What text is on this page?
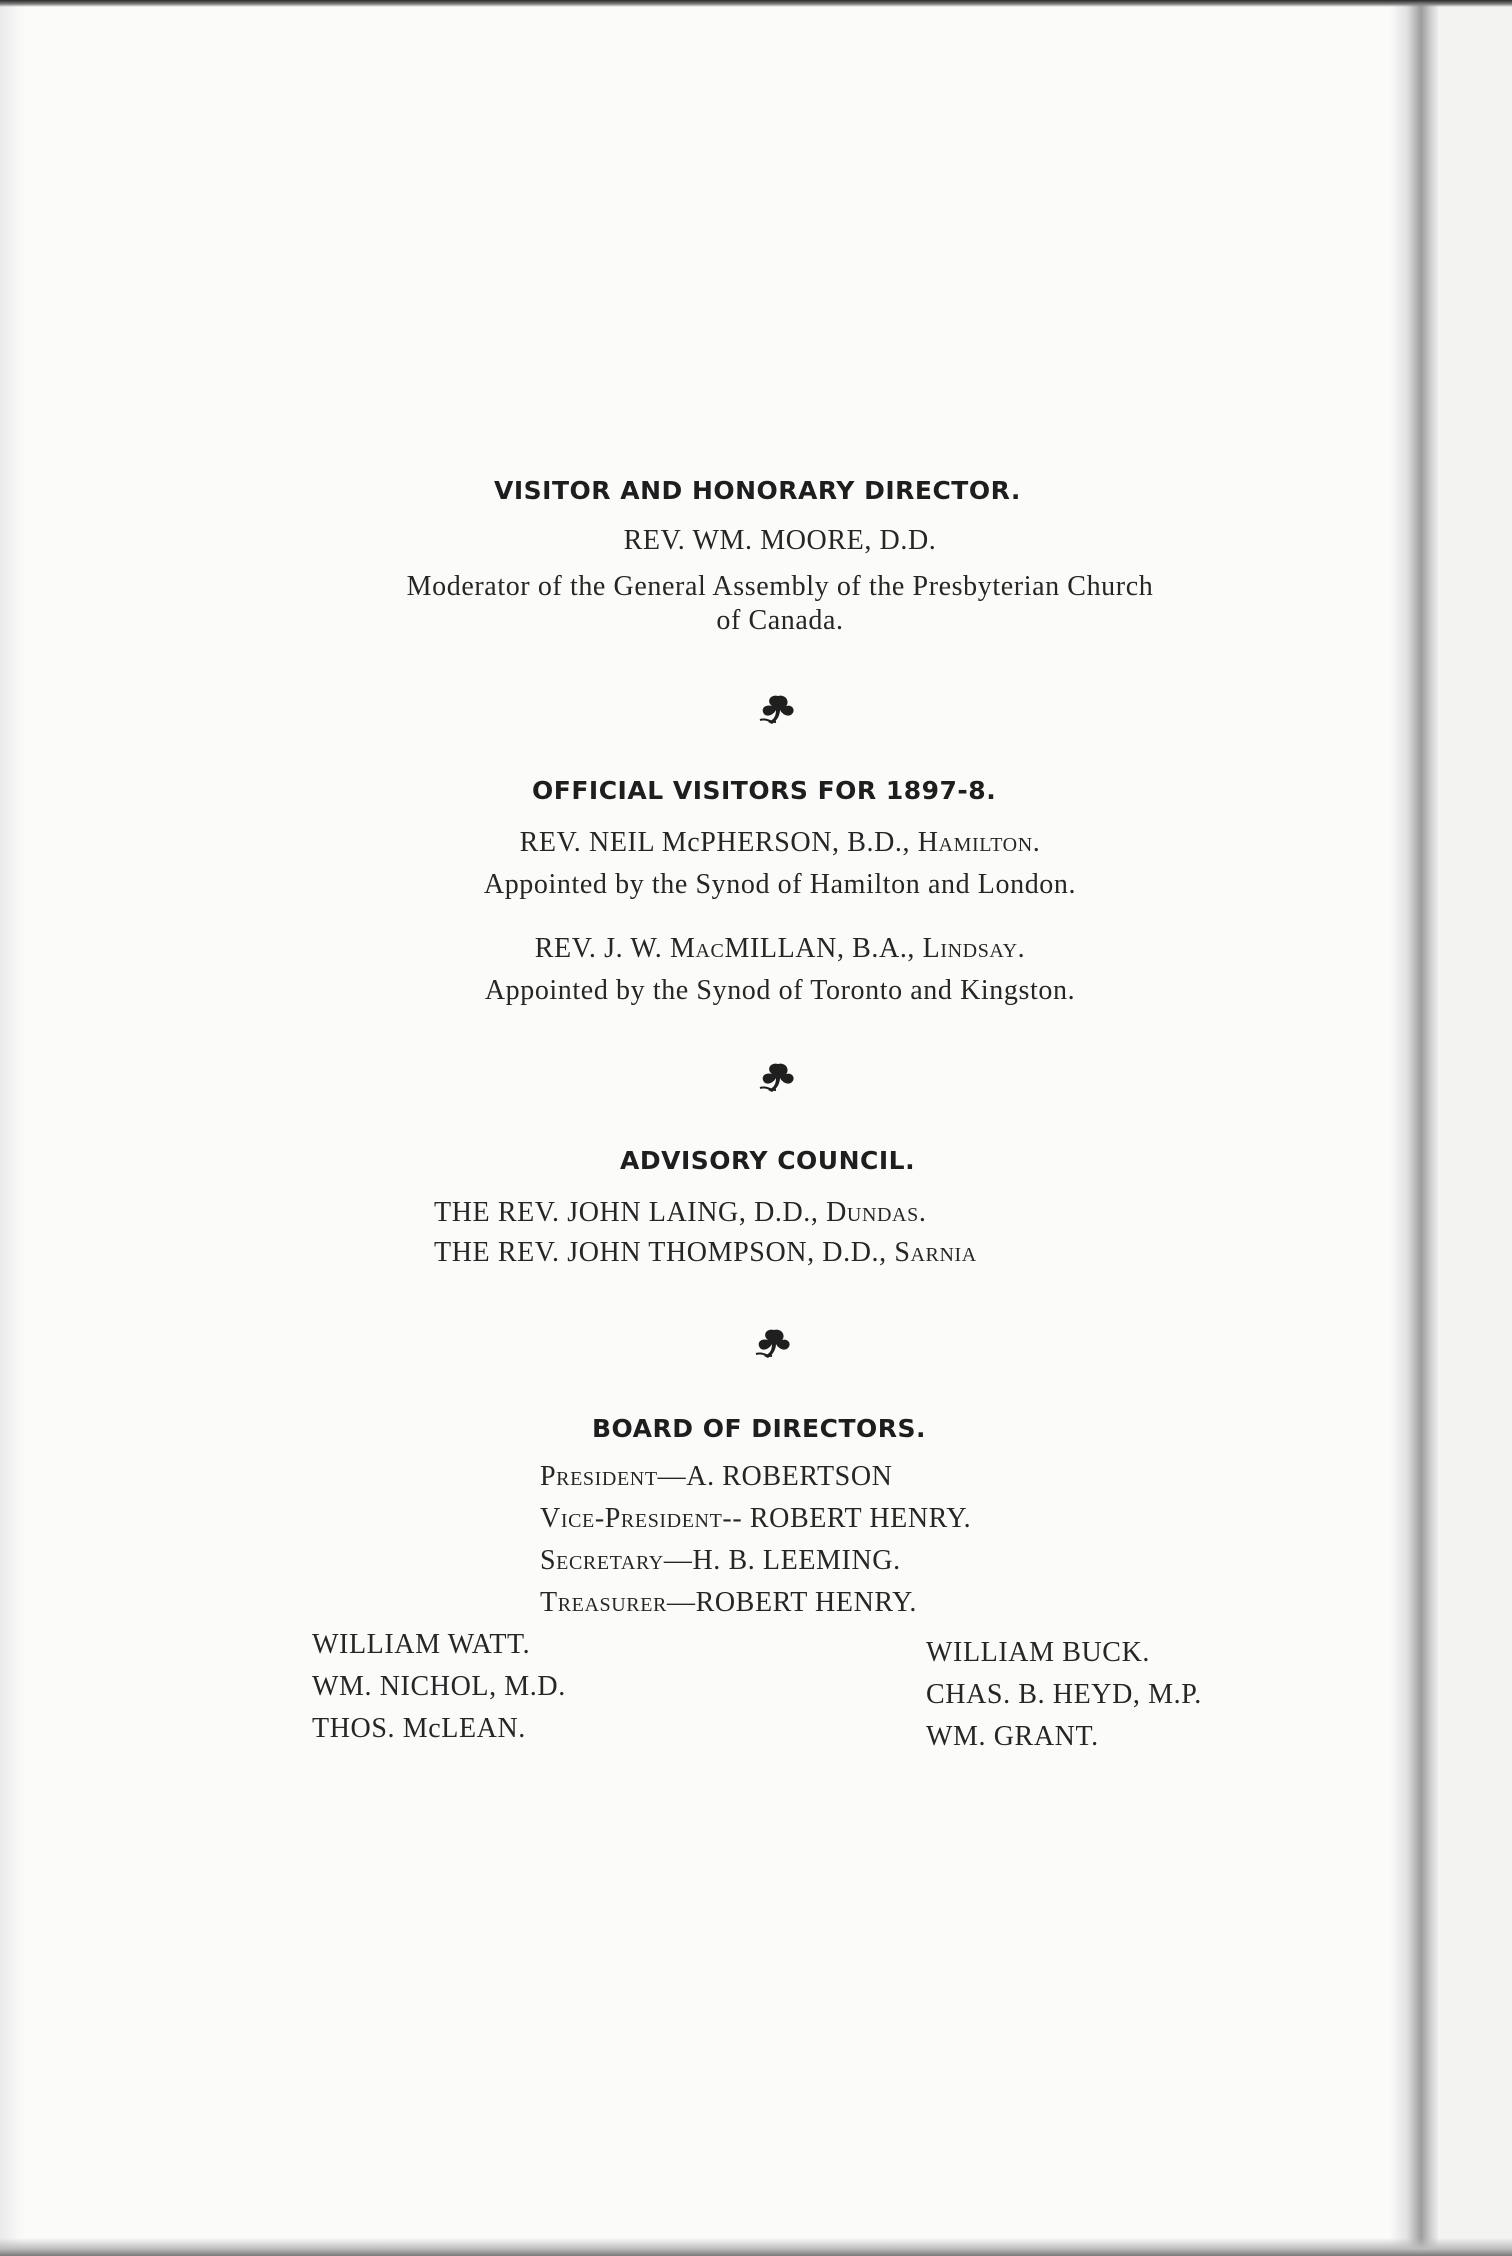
VISITOR AND HONORARY DIRECTOR.
REV. WM. MOORE, D.D.
Moderator of the General Assembly of the Presbyterian Church
of Canada.
OFFICIAL VISITORS FOR 1897-8.
REV. NEIL McPHERSON, B.D., Hamilton.
Appointed by the Synod of Hamilton and London.
REV. J. W. MacMILLAN, B.A., Lindsay.
Appointed by the Synod of Toronto and Kingston.
ADVISORY COUNCIL.
THE REV. JOHN LAING, D.D., Dundas.
THE REV. JOHN THOMPSON, D.D., Sarnia
BOARD OF DIRECTORS.
President—A. ROBERTSON
Vice-President-- ROBERT HENRY.
Secretary—H. B. LEEMING.
Treasurer—ROBERT HENRY.
WILLIAM WATT.
WM. NICHOL, M.D.
THOS. McLEAN.
WILLIAM BUCK.
CHAS. B. HEYD, M.P.
WM. GRANT.
